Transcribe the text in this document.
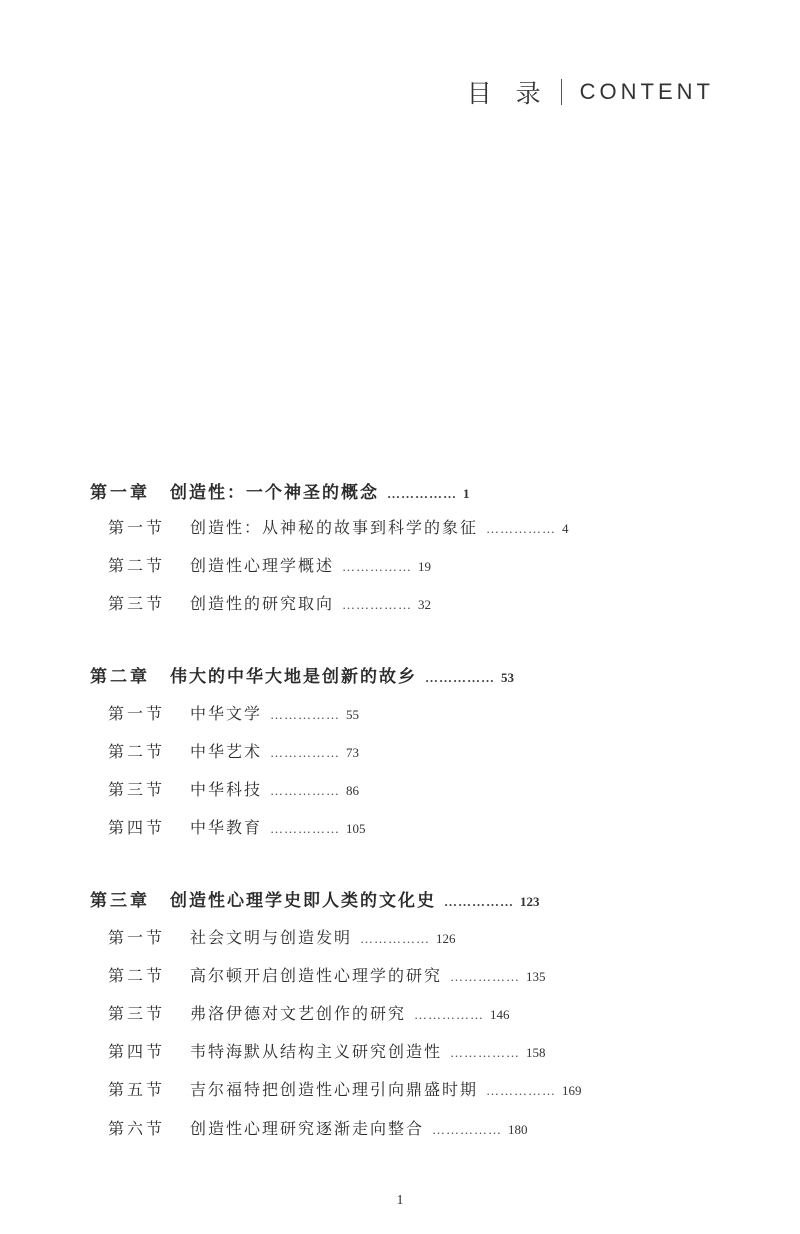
目 录 CONTENT
第一章	创造性：一个神圣的概念 …………… 1
第一节	创造性：从神秘的故事到科学的象征 …………… 4
第二节	创造性心理学概述 …………… 19
第三节	创造性的研究取向 …………… 32
第二章	伟大的中华大地是创新的故乡 …………… 53
第一节	中华文学 …………… 55
第二节	中华艺术 …………… 73
第三节	中华科技 …………… 86
第四节	中华教育 …………… 105
第三章	创造性心理学史即人类的文化史 …………… 123
第一节	社会文明与创造发明 …………… 126
第二节	高尔顿开启创造性心理学的研究 …………… 135
第三节	弗洛伊德对文艺创作的研究 …………… 146
第四节	韦特海默从结构主义研究创造性 …………… 158
第五节	吉尔福特把创造性心理引向鼎盛时期 …………… 169
第六节	创造性心理研究逐渐走向整合 …………… 180
1
